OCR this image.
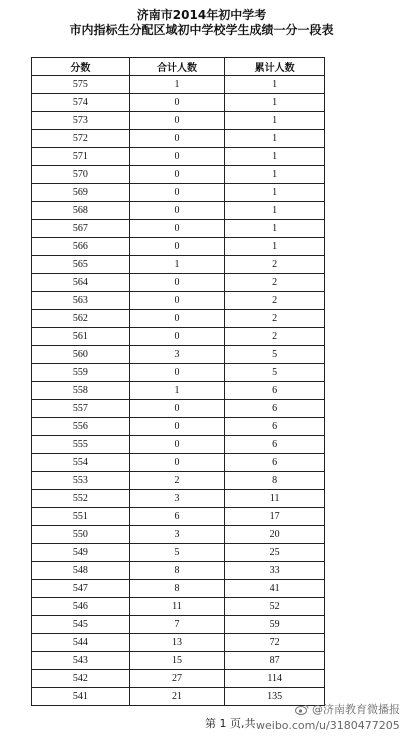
济南市2014年初中学考
市内指标生分配区域初中学校学生成绩一分一段表
分数	合计人数	累计人数
575	1	1
574	0	1
573	0	1
572	0	1
571	0	1
570	0	1
569	0	1
568	0	1
567	0	1
566	0	1
565	1	2
564	0	2
563	0	2
562	0	2
561	0	2
560	3	5
559	0	5
558	1	6
557	0	6
556	0	6
555	0	6
554	0	6
553	2	8
552	3	11
551	6	17
550	3	20
549	5	25
548	8	33
547	8	41
546	11	52
545	7	59
544	13	72
543	15	87
542	27	114
541	21	135
第 1 页,共
@济南教育微播报
weibo.com/u/3180477205
